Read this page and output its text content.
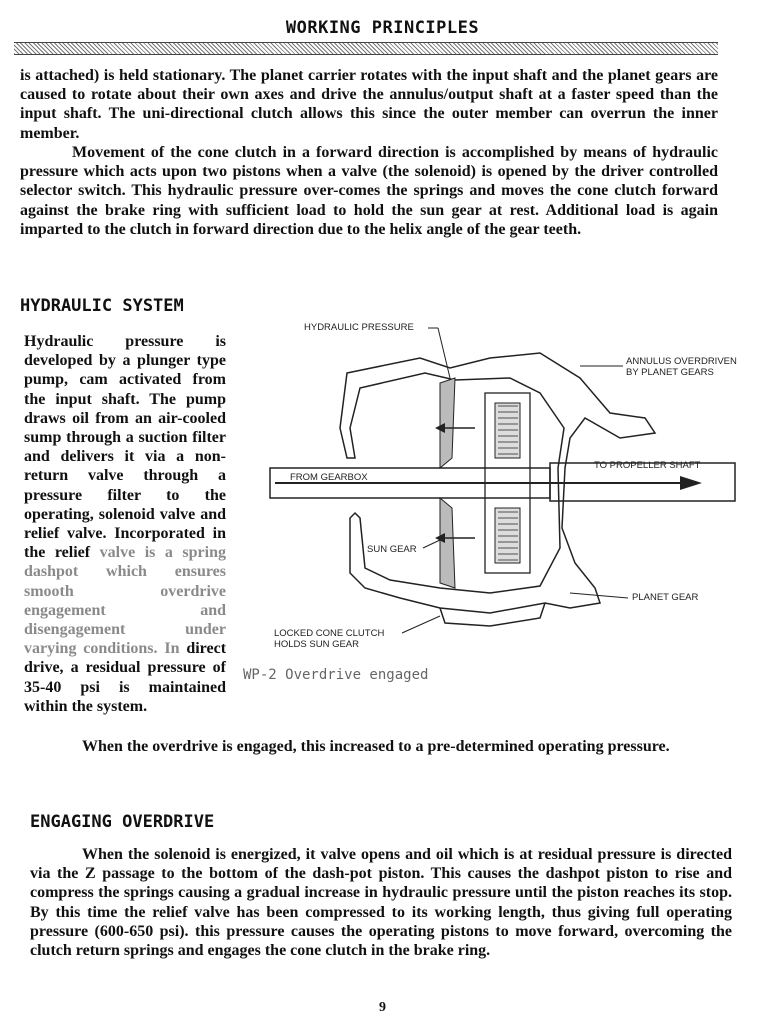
WORKING PRINCIPLES

is attached) is held stationary. The planet carrier rotates with the input shaft and the planet gears are caused to rotate about their own axes and drive the annulus/output shaft at a faster speed than the input shaft. The uni-directional clutch allows this since the outer member can overrun the inner member.

Movement of the cone clutch in a forward direction is accomplished by means of hydraulic pressure which acts upon two pistons when a valve (the solenoid) is opened by the driver controlled selector switch. This hydraulic pressure over-comes the springs and moves the cone clutch forward against the brake ring with sufficient load to hold the sun gear at rest. Additional load is again imparted to the clutch in forward direction due to the helix angle of the gear teeth.

HYDRAULIC SYSTEM

Hydraulic pressure is developed by a plunger type pump, cam activated from the input shaft. The pump draws oil from an air-cooled sump through a suction filter and delivers it via a non-return valve through a pressure filter to the operating, solenoid valve and relief valve. Incorporated in the relief valve is a spring dashpot which ensures smooth overdrive engagement and disengagement under varying conditions. In direct drive, a residual pressure of 35-40 psi is maintained within the system.

HYDRAULIC PRESSURE
ANNULUS OVERDRIVEN
BY PLANET GEARS
TO PROPELLER SHAFT
FROM GEARBOX
SUN GEAR
PLANET GEAR
LOCKED CONE CLUTCH
HOLDS SUN GEAR
WP-2 Overdrive engaged

When the overdrive is engaged, this increased to a pre-determined operating pressure.

ENGAGING OVERDRIVE

When the solenoid is energized, it valve opens and oil which is at residual pressure is directed via the Z passage to the bottom of the dash-pot piston. This causes the dashpot piston to rise and compress the springs causing a gradual increase in hydraulic pressure until the piston reaches its stop. By this time the relief valve has been compressed to its working length, thus giving full operating pressure (600-650 psi). this pressure causes the operating pistons to move forward, overcoming the clutch return springs and engages the cone clutch in the brake ring.

9
